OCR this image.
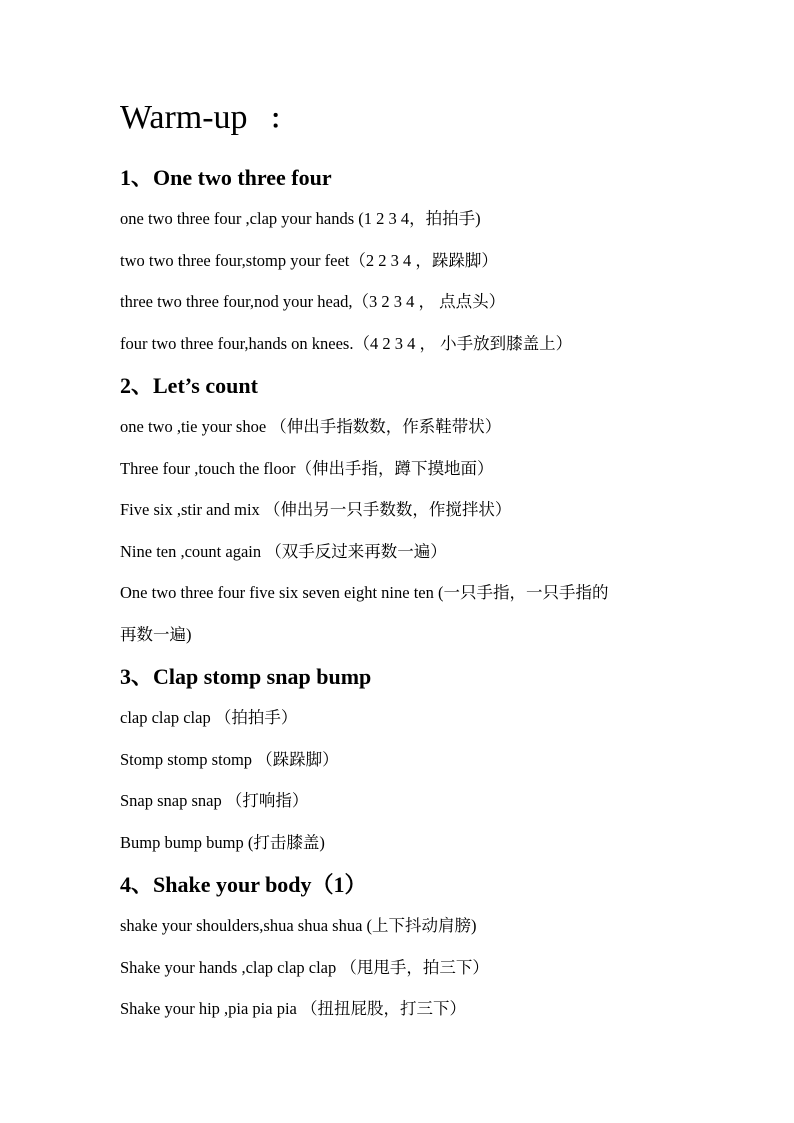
Warm-up ：
1、One two three four

one two three four ,clap your hands (1 2 3 4，拍拍手)

two two three four,stomp your feet（2 2 3 4 ，跺跺脚）

three two three four,nod your head,（3 2 3 4 ， 点点头）

four two three four,hands on knees.（4 2 3 4 ， 小手放到膝盖上）

2、Let’s count

one two ,tie your shoe （伸出手指数数，作系鞋带状）

Three four ,touch the floor（伸出手指，蹲下摸地面）

Five six ,stir and mix （伸出另一只手数数，作搅拌状）

Nine ten ,count again （双手反过来再数一遍）

One two three four five six seven eight nine ten (一只手指，一只手指的

再数一遍)

3、Clap stomp snap bump

clap clap clap （拍拍手）

Stomp stomp stomp （跺跺脚）

Snap snap snap （打响指）

Bump bump bump (打击膝盖)

4、Shake your body（1）

shake your shoulders,shua shua shua (上下抖动肩膀)

Shake your hands ,clap clap clap （甩甩手，拍三下）

Shake your hip ,pia pia pia （扭扭屁股，打三下）
